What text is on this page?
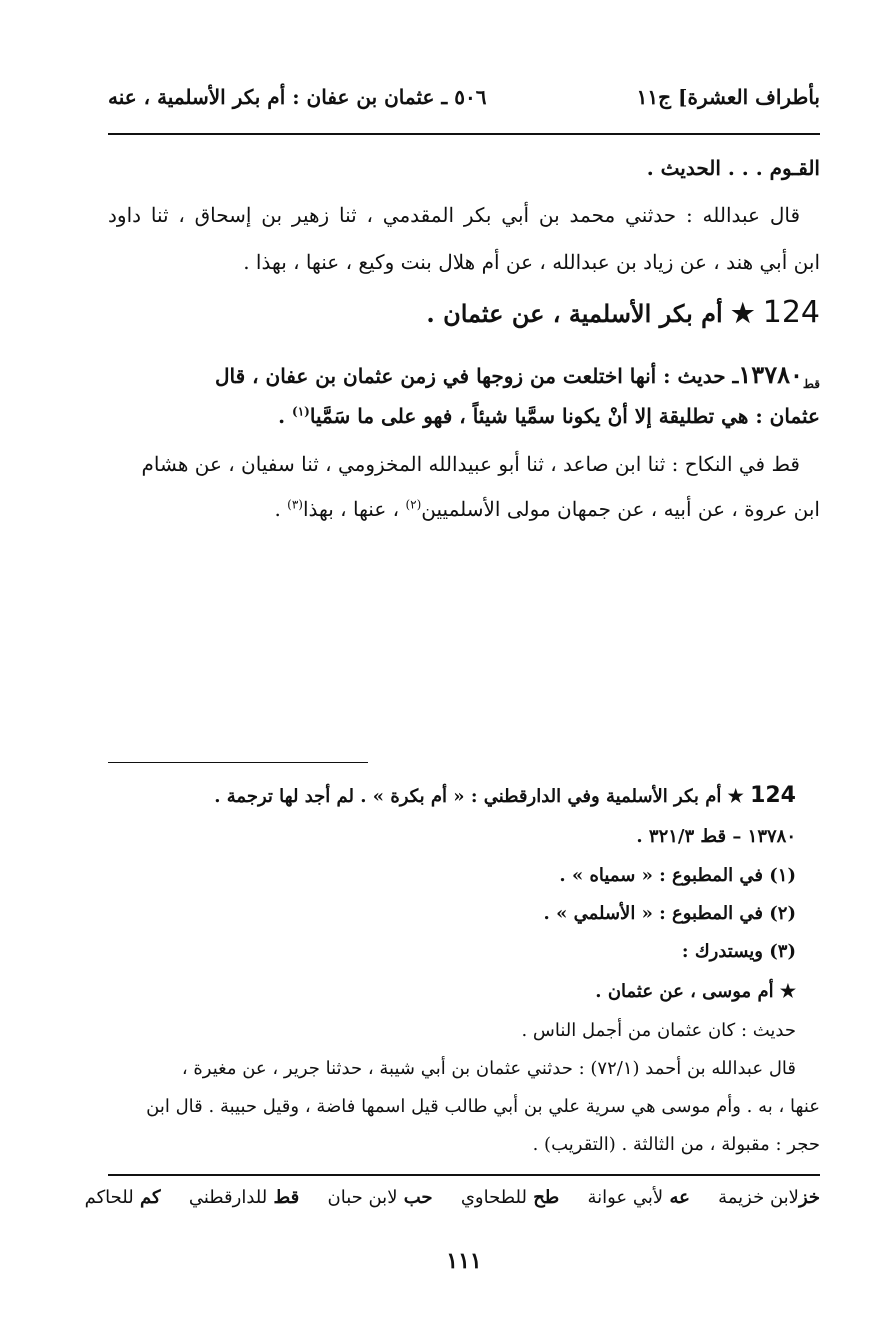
بأطراف العشرة] ج١١
٥٠٦ ـ عثمان بن عفان : أم بكر الأسلمية ، عنه
القـوم . . . الحديث .
قال عبدالله : حدثني محمد بن أبي بكر المقدمي ، ثنا زهير بن إسحاق ، ثنا داود
ابن أبي هند ، عن زياد بن عبدالله ، عن أم هلال بنت وكيع ، عنها ، بهذا .
124 ★ أم بكر الأسلمية ، عن عثمان .
$_{قط}$١٣٧٨٠ـ حديث : أنها اختلعت من زوجها في زمن عثمان بن عفان ، قال
عثمان : هي تطليقة إلا أنْ يكونا سمَّيا شيئاً ، فهو على ما سَمَّيا$^{(١)}$ .
قط في النكاح : ثنا ابن صاعد ، ثنا أبو عبيدالله المخزومي ، ثنا سفيان ، عن هشام
ابن عروة ، عن أبيه ، عن جمهان مولى الأسلميين$^{(٢)}$ ، عنها ، بهذا$^{(٣)}$ .
124 ★ أم بكر الأسلمية وفي الدارقطني : « أم بكرة » . لم أجد لها ترجمة .
١٣٧٨٠ – قط ٣٢١/٣ .
(١) في المطبوع : « سمياه » .
(٢) في المطبوع : « الأسلمي » .
(٣) ويستدرك :
★ أم موسى ، عن عثمان .
حديث : كان عثمان من أجمل الناس .
قال عبدالله بن أحمد (٧٢/١) : حدثني عثمان بن أبي شيبة ، حدثنا جرير ، عن مغيرة ،
عنها ، به . وأم موسى هي سرية علي بن أبي طالب قيل اسمها فاضة ، وقيل حبيبة . قال ابن
حجر : مقبولة ، من الثالثة . (التقريب) .
خزلابن خزيمة عه لأبي عوانة طح للطحاوي حب لابن حبان قط للدارقطني كم للحاكم
١١١
